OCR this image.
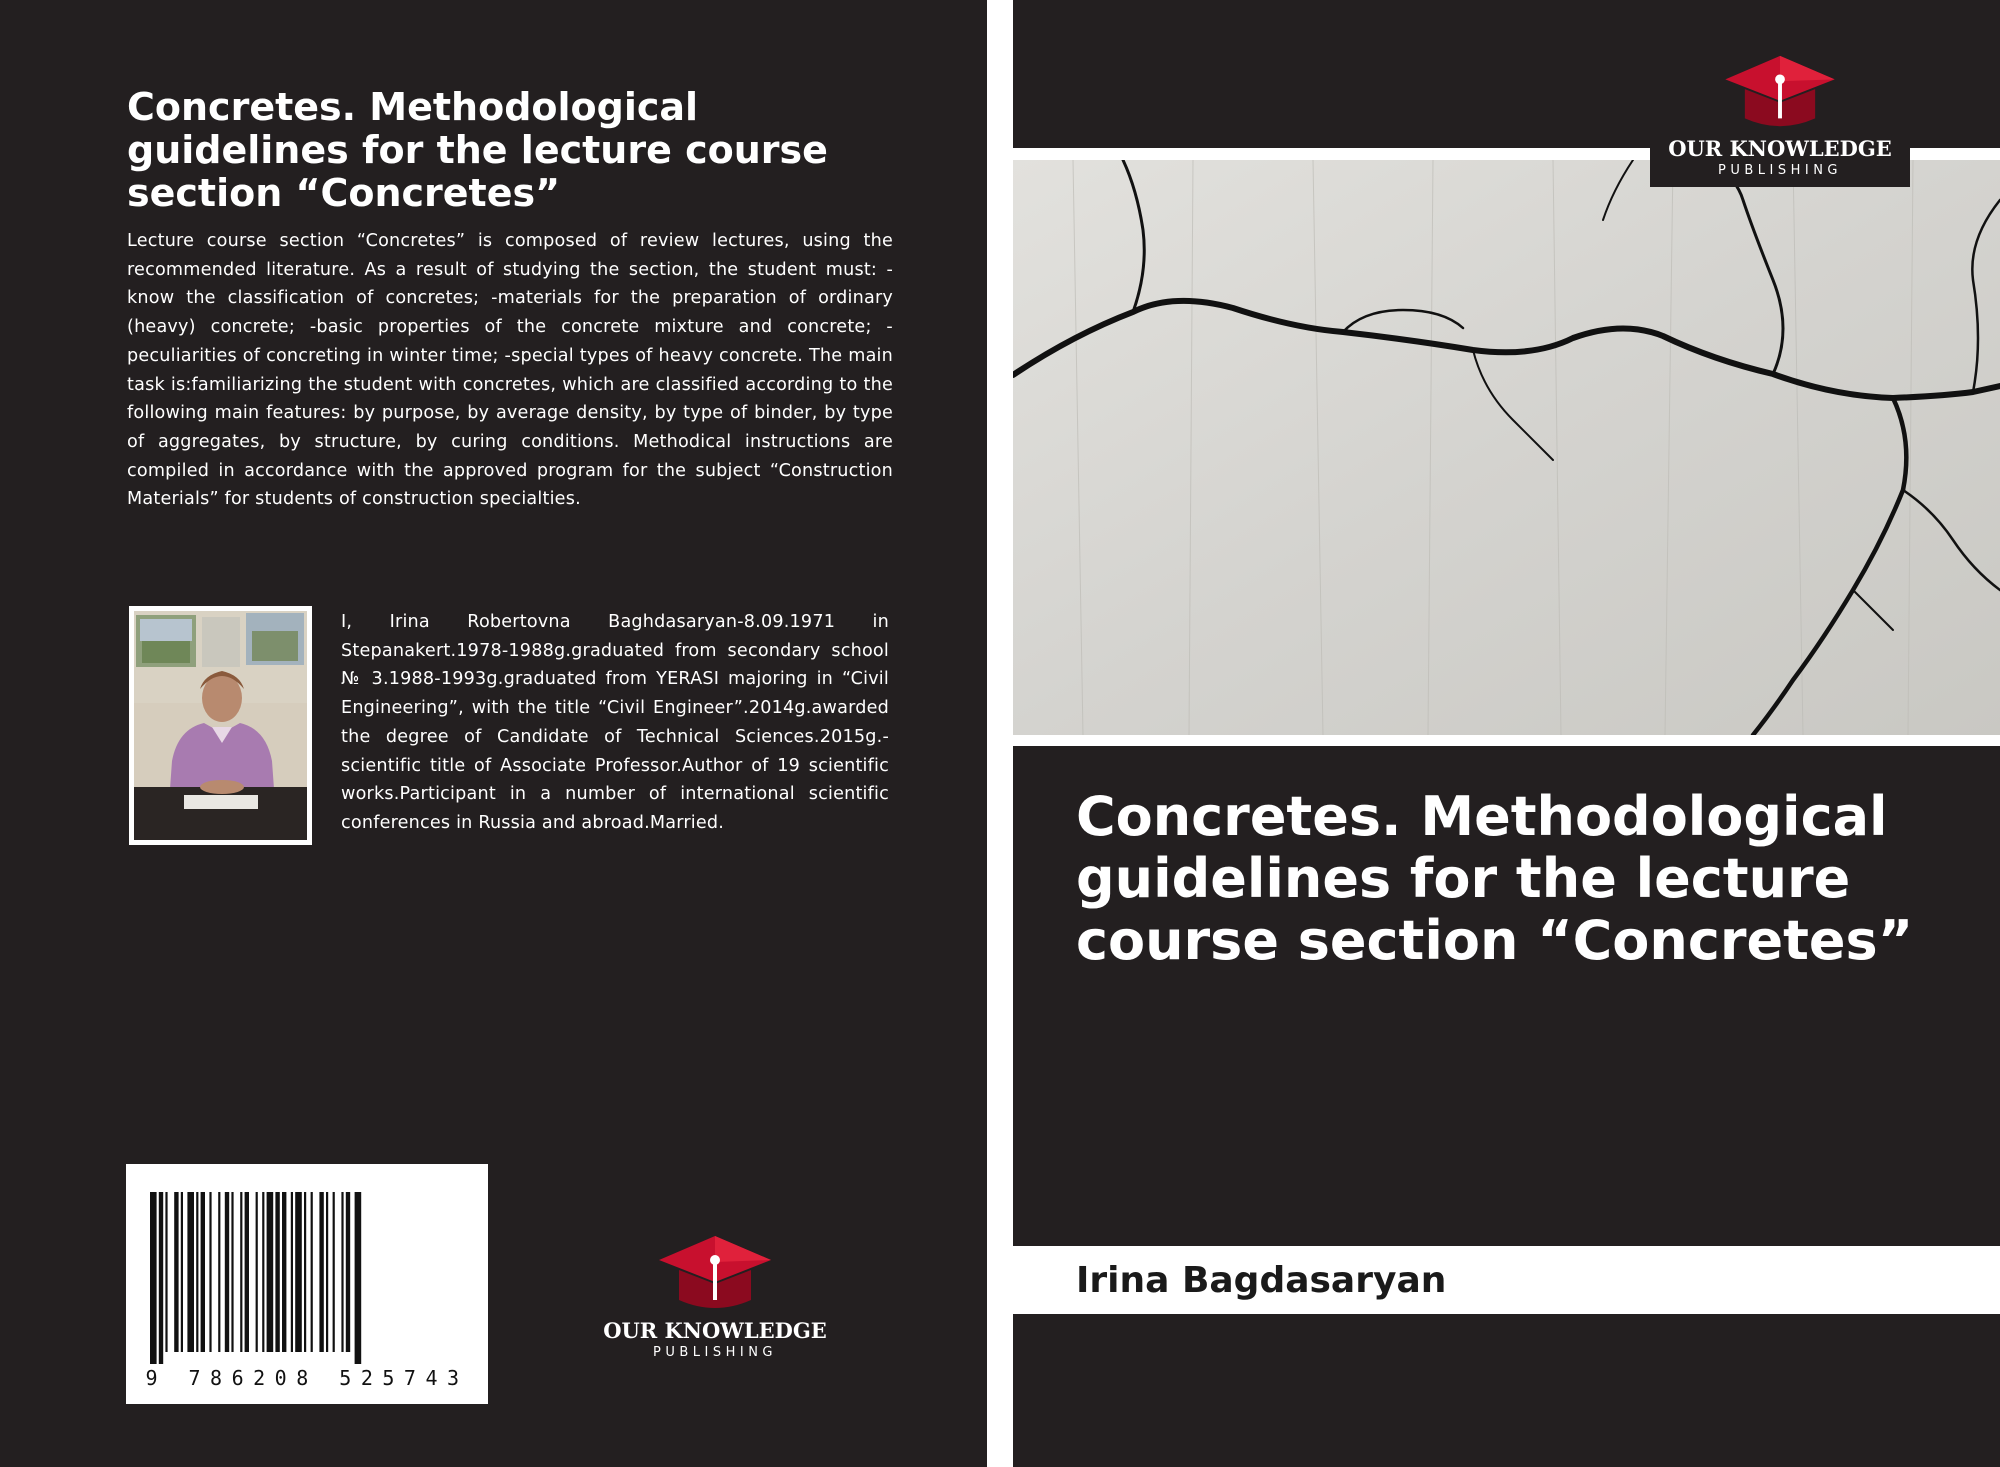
Concretes. Methodological guidelines for the lecture course section “Concretes”

Lecture course section “Concretes” is composed of review lectures, using the recommended literature. As a result of studying the section, the student must: -know the classification of concretes; -materials for the preparation of ordinary (heavy) concrete; -basic properties of the concrete mixture and concrete; -peculiarities of concreting in winter time; -special types of heavy concrete. The main task is:familiarizing the student with concretes, which are classified according to the following main features: by purpose, by average density, by type of binder, by type of aggregates, by structure, by curing conditions. Methodical instructions are compiled in accordance with the approved program for the subject “Construction Materials” for students of construction specialties.

I, Irina Robertovna Baghdasaryan-8.09.1971 in Stepanakert.1978-1988g.graduated from secondary school № 3.1988-1993g.graduated from YERASI majoring in “Civil Engineering”, with the title “Civil Engineer”.2014g.awarded the degree of Candidate of Technical Sciences.2015g.-scientific title of Associate Professor.Author of 19 scientific works.Participant in a number of international scientific conferences in Russia and abroad.Married.

9 786208 525743
OUR KNOWLEDGE
PUBLISHING
OUR KNOWLEDGE
PUBLISHING
Concretes. Methodological guidelines for the lecture course section “Concretes”

Irina Bagdasaryan
